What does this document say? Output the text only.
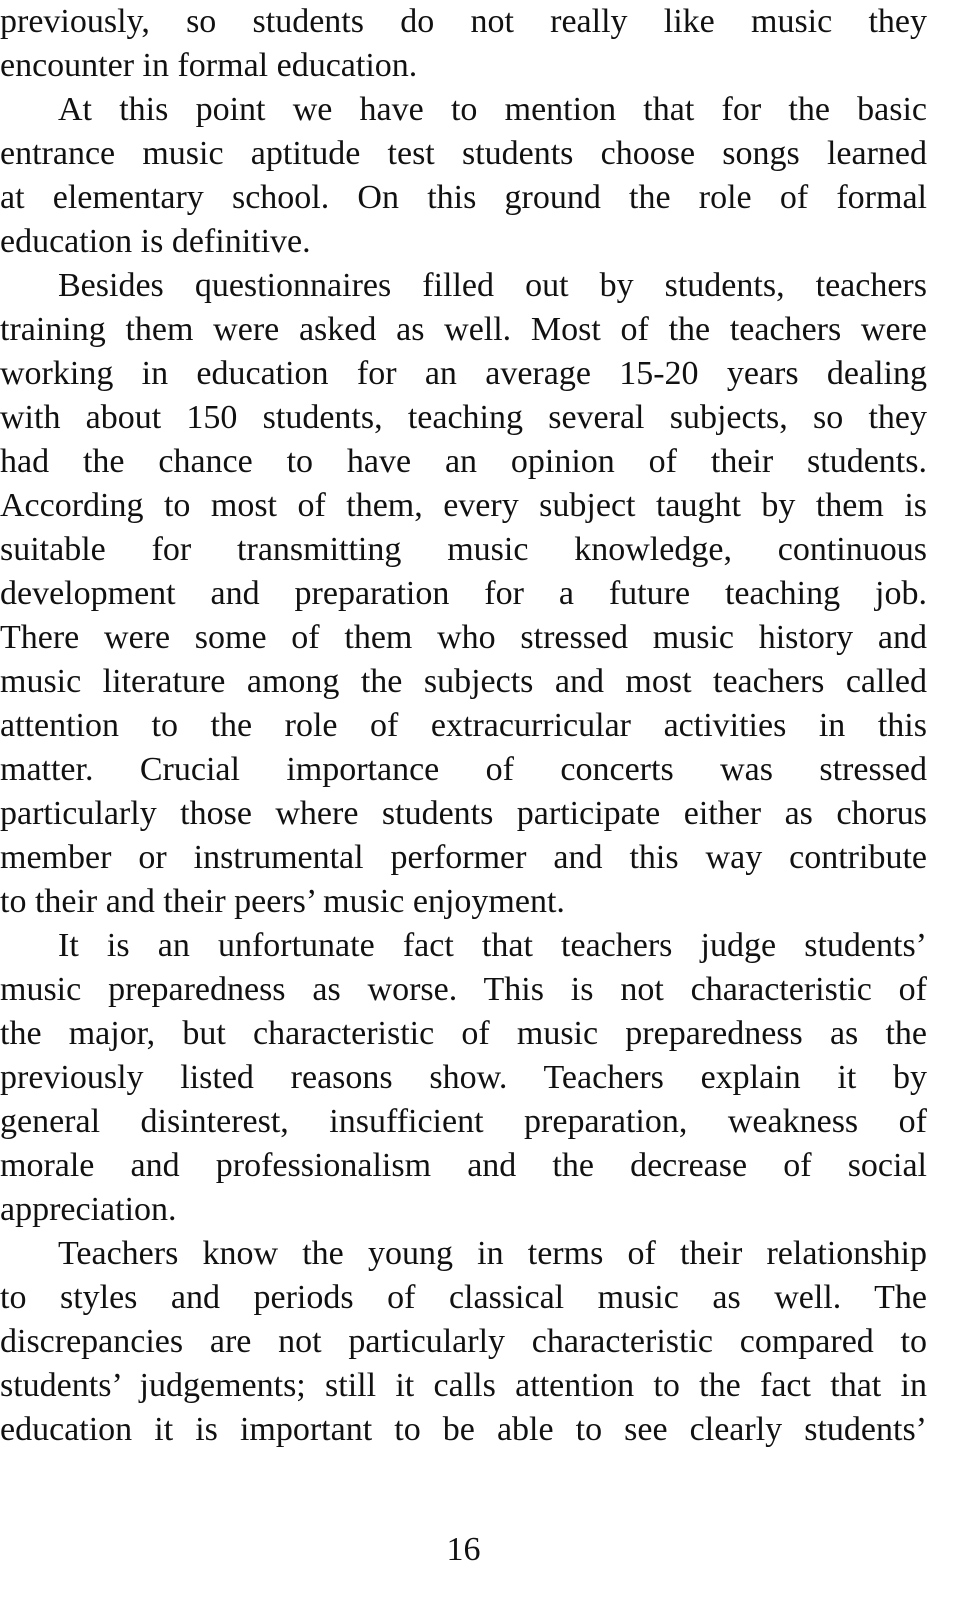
previously, so students do not really like music they
encounter in formal education.
At this point we have to mention that for the basic
entrance music aptitude test students choose songs learned
at elementary school. On this ground the role of formal
education is definitive.
Besides questionnaires filled out by students, teachers
training them were asked as well. Most of the teachers were
working in education for an average 15-20 years dealing
with about 150 students, teaching several subjects, so they
had the chance to have an opinion of their students.
According to most of them, every subject taught by them is
suitable for transmitting music knowledge, continuous
development and preparation for a future teaching job.
There were some of them who stressed music history and
music literature among the subjects and most teachers called
attention to the role of extracurricular activities in this
matter. Crucial importance of concerts was stressed
particularly those where students participate either as chorus
member or instrumental performer and this way contribute
to their and their peers’ music enjoyment.
It is an unfortunate fact that teachers judge students’
music preparedness as worse. This is not characteristic of
the major, but characteristic of music preparedness as the
previously listed reasons show. Teachers explain it by
general disinterest, insufficient preparation, weakness of
morale and professionalism and the decrease of social
appreciation.
Teachers know the young in terms of their relationship
to styles and periods of classical music as well. The
discrepancies are not particularly characteristic compared to
students’ judgements; still it calls attention to the fact that in
education it is important to be able to see clearly students’
16
